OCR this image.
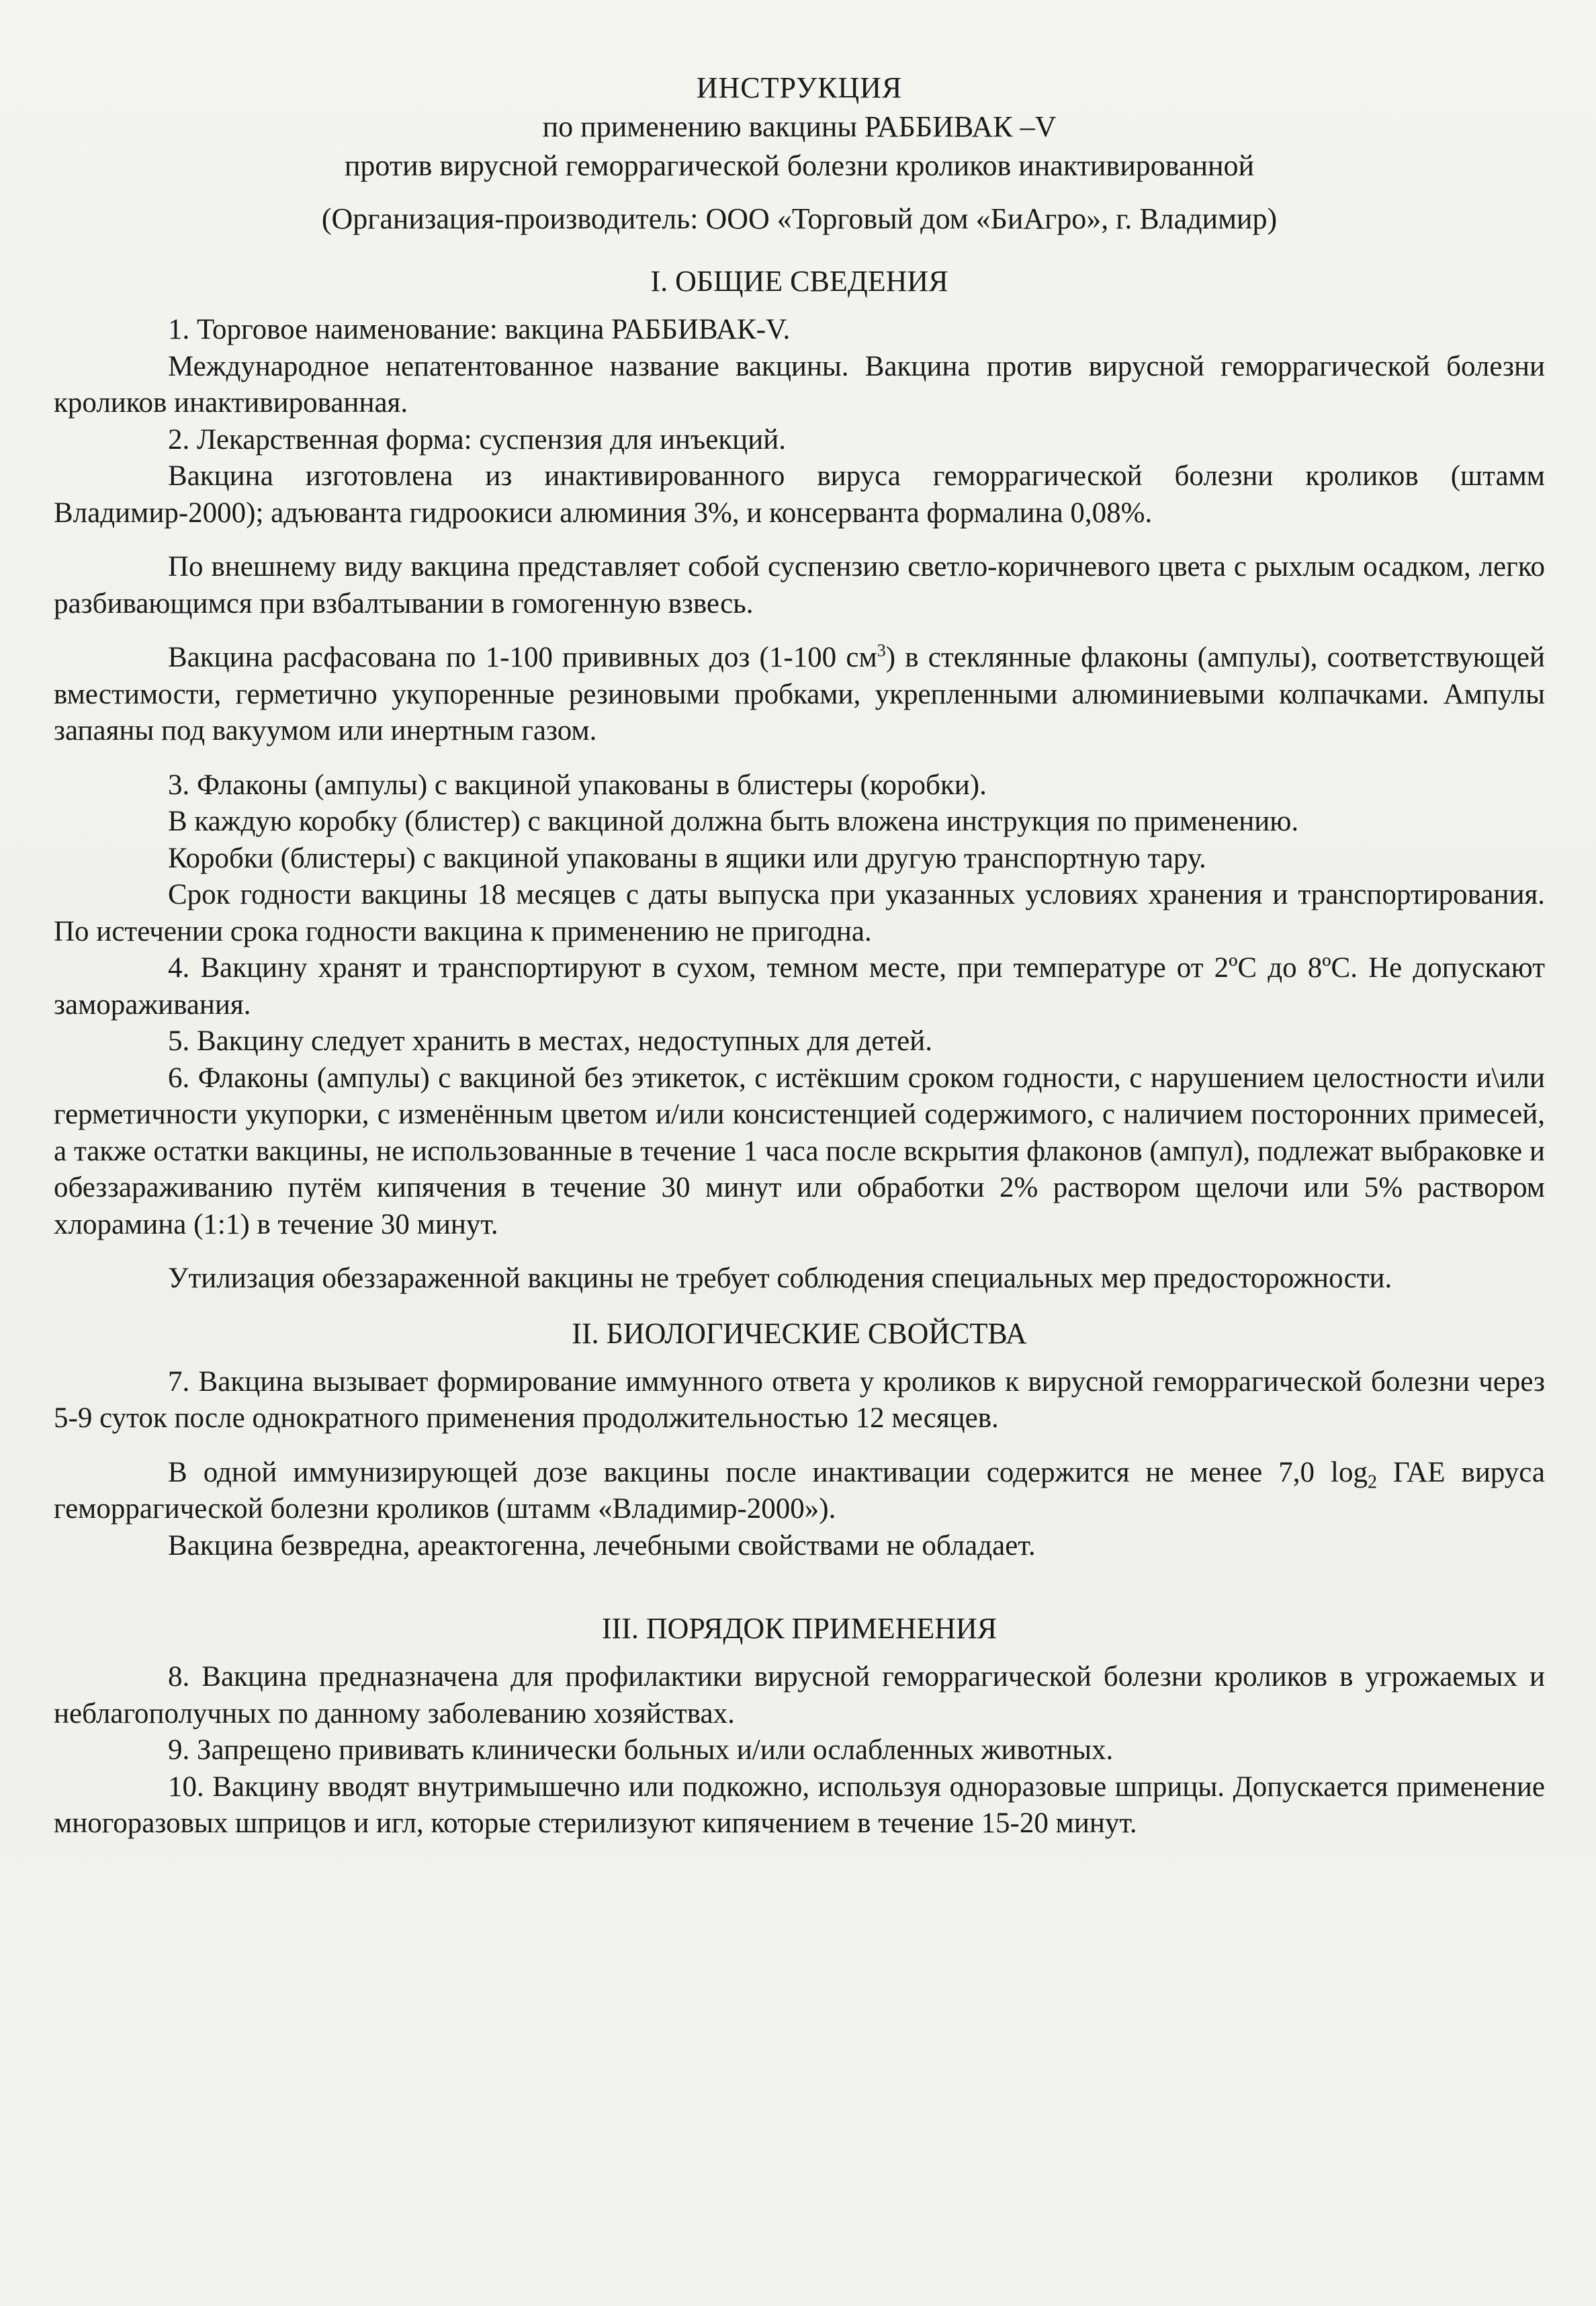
ИНСТРУКЦИЯ
по применению вакцины РАББИВАК –V
против вирусной геморрагической болезни кроликов инактивированной
(Организация-производитель: ООО «Торговый дом «БиАгро», г. Владимир)
I. ОБЩИЕ СВЕДЕНИЯ

1. Торговое наименование: вакцина РАББИВАК-V.

Международное непатентованное название вакцины. Вакцина против вирусной геморрагической болезни кроликов инактивированная.

2. Лекарственная форма: суспензия для инъекций.

Вакцина изготовлена из инактивированного вируса геморрагической болезни кроликов (штамм Владимир-2000); адъюванта гидроокиси алюминия 3%, и консерванта формалина 0,08%.

По внешнему виду вакцина представляет собой суспензию светло-коричневого цвета с рыхлым осадком, легко разбивающимся при взбалтывании в гомогенную взвесь.

Вакцина расфасована по 1-100 прививных доз (1-100 $см^3$) в стеклянные флаконы (ампулы), соответствующей вместимости, герметично укупоренные резиновыми пробками, укрепленными алюминиевыми колпачками. Ампулы запаяны под вакуумом или инертным газом.

3. Флаконы (ампулы) с вакциной упакованы в блистеры (коробки).

В каждую коробку (блистер) с вакциной должна быть вложена инструкция по применению.

Коробки (блистеры) с вакциной упакованы в ящики или другую транспортную тару.

Срок годности вакцины 18 месяцев с даты выпуска при указанных условиях хранения и транспортирования. По истечении срока годности вакцина к применению не пригодна.

4. Вакцину хранят и транспортируют в сухом, темном месте, при температуре от 2ºС до 8ºС. Не допускают замораживания.

5. Вакцину следует хранить в местах, недоступных для детей.

6. Флаконы (ампулы) с вакциной без этикеток, с истёкшим сроком годности, с нарушением целостности и\или герметичности укупорки, с изменённым цветом и/или консистенцией содержимого, с наличием посторонних примесей, а также остатки вакцины, не использованные в течение 1 часа после вскрытия флаконов (ампул), подлежат выбраковке и обеззараживанию путём кипячения в течение 30 минут или обработки 2% раствором щелочи или 5% раствором хлорамина (1:1) в течение 30 минут.

Утилизация обеззараженной вакцины не требует соблюдения специальных мер предосторожности.

II. БИОЛОГИЧЕСКИЕ СВОЙСТВА

7. Вакцина вызывает формирование иммунного ответа у кроликов к вирусной геморрагической болезни через 5-9 суток после однократного применения продолжительностью 12 месяцев.

В одной иммунизирующей дозе вакцины после инактивации содержится не менее 7,0 $\log_2$ ГАЕ вируса геморрагической болезни кроликов (штамм «Владимир-2000»).

Вакцина безвредна, ареактогенна, лечебными свойствами не обладает.

III. ПОРЯДОК ПРИМЕНЕНИЯ

8. Вакцина предназначена для профилактики вирусной геморрагической болезни кроликов в угрожаемых и неблагополучных по данному заболеванию хозяйствах.

9. Запрещено прививать клинически больных и/или ослабленных животных.

10. Вакцину вводят внутримышечно или подкожно, используя одноразовые шприцы. Допускается применение многоразовых шприцов и игл, которые стерилизуют кипячением в течение 15-20 минут.
